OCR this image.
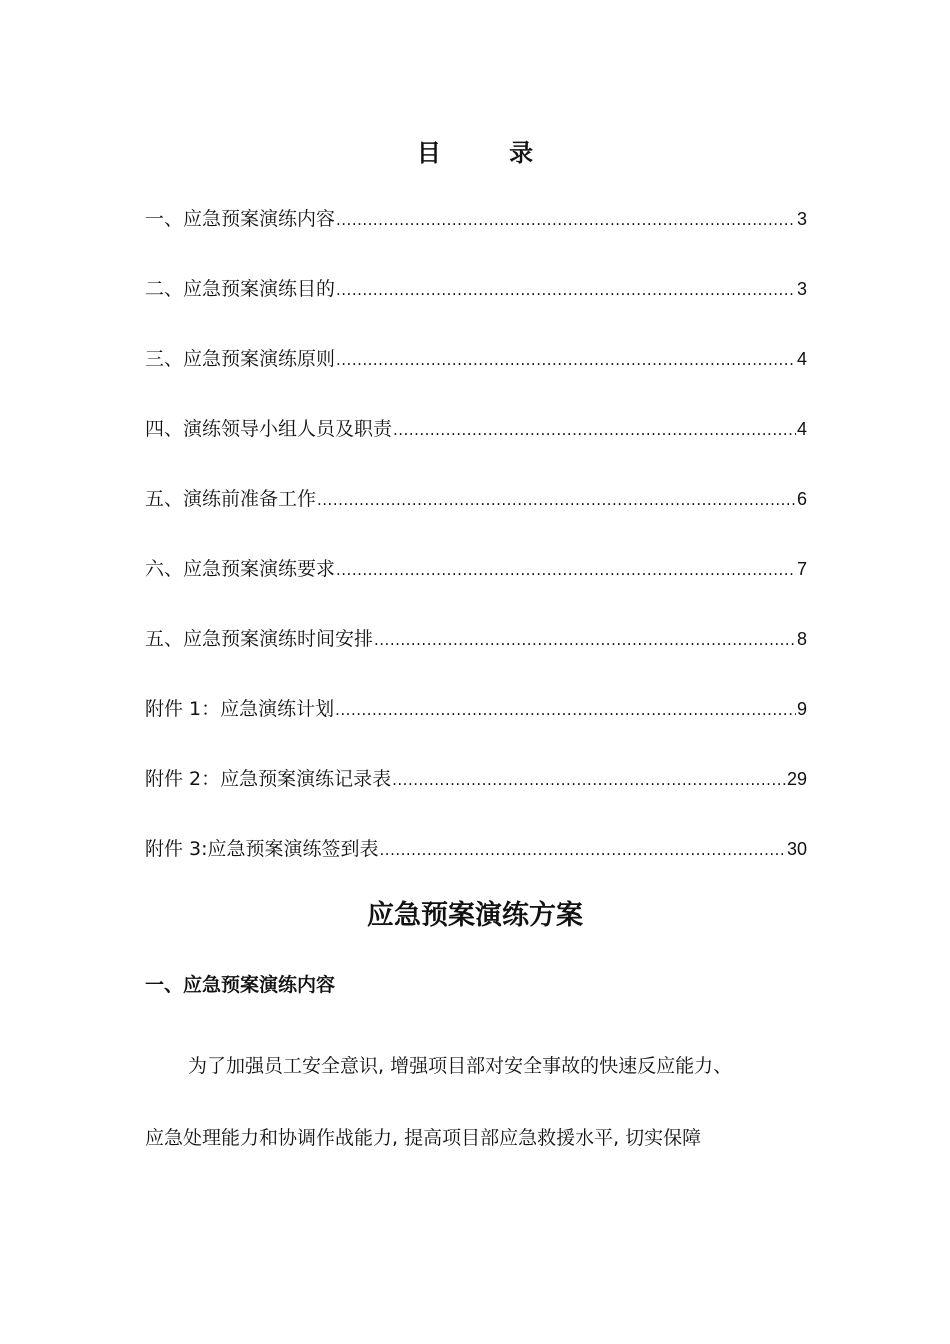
目 录
一、应急预案演练内容 .....	3
二、应急预案演练目的 .....	3
三、应急预案演练原则 .....	4
四、演练领导小组人员及职责 .....	4
五、演练前准备工作 .....	6
六、应急预案演练要求 .....	7
五、应急预案演练时间安排 .....	8
附件 1：应急演练计划 .....	9
附件 2：应急预案演练记录表 .....	29
附件 3:应急预案演练签到表 .....	30
应急预案演练方案
一、应急预案演练内容
为了加强员工安全意识, 增强项目部对安全事故的快速反应能力、
应急处理能力和协调作战能力, 提高项目部应急救援水平, 切实保障
